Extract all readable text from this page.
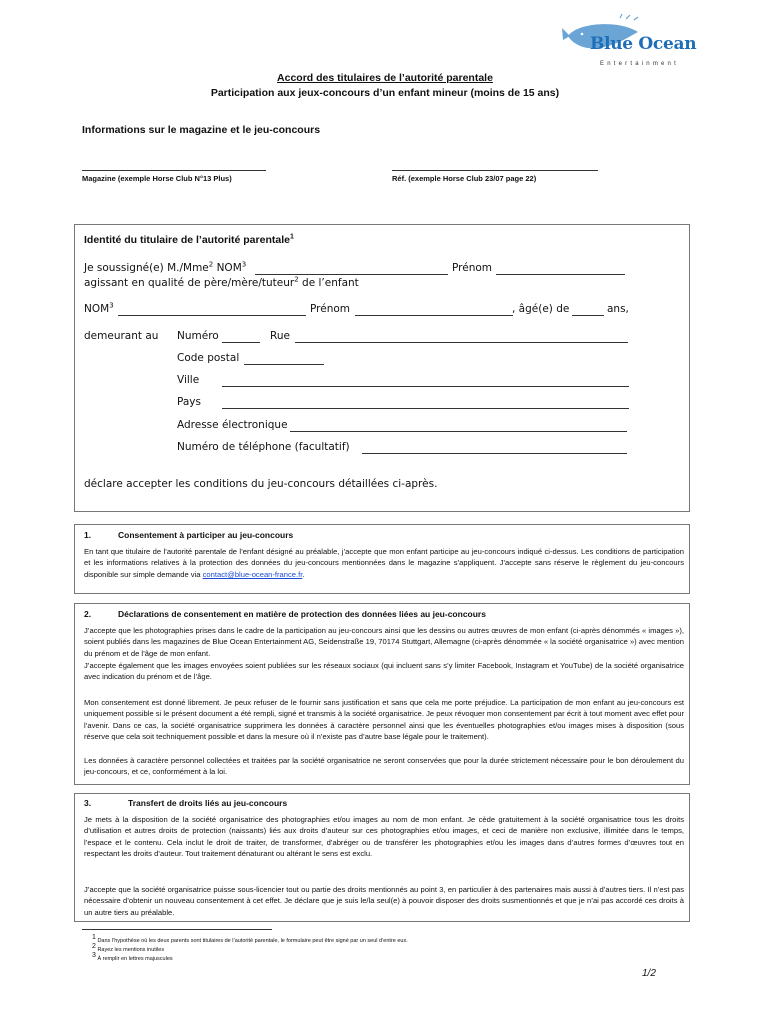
Blue Ocean
Entertainment
Accord des titulaires de l’autorité parentale
Participation aux jeux-concours d’un enfant mineur (moins de 15 ans)
Informations sur le magazine et le jeu-concours
Magazine (exemple Horse Club N°13 Plus)	Réf. (exemple Horse Club 23/07 page 22)
Identité du titulaire de l’autorité parentale$^1$
Je soussigné(e) M./Mme$^2$ NOM$^3$	Prénom
agissant en qualité de père/mère/tuteur$^2$ de l’enfant
NOM$^3$	Prénom	, âgé(e) de	ans,
demeurant au Numéro	Rue
Code postal
Ville
Pays
Adresse électronique
Numéro de téléphone (facultatif)
déclare accepter les conditions du jeu-concours détaillées ci-après.
1.	Consentement à participer au jeu-concours
En tant que titulaire de l’autorité parentale de l’enfant désigné au préalable, j’accepte que mon enfant participe au jeu-concours indiqué ci-dessus. Les conditions de participation et les informations relatives à la protection des données du jeu-concours mentionnées dans le magazine s’appliquent. J’accepte sans réserve le règlement du jeu-concours disponible sur simple demande via contact@blue-ocean-france.fr.
2.	Déclarations de consentement en matière de protection des données liées au jeu-concours
J’accepte que les photographies prises dans le cadre de la participation au jeu-concours ainsi que les dessins ou autres œuvres de mon enfant (ci-après dénommés « images »), soient publiés dans les magazines de Blue Ocean Entertainment AG, Seidenstraße 19, 70174 Stuttgart, Allemagne (ci-après dénommée « la société organisatrice ») avec mention du prénom et de l’âge de mon enfant.
J’accepte également que les images envoyées soient publiées sur les réseaux sociaux (qui incluent sans s’y limiter Facebook, Instagram et YouTube) de la société organisatrice avec indication du prénom et de l’âge.
Mon consentement est donné librement. Je peux refuser de le fournir sans justification et sans que cela me porte préjudice. La participation de mon enfant au jeu-concours est uniquement possible si le présent document a été rempli, signé et transmis à la société organisatrice. Je peux révoquer mon consentement par écrit à tout moment avec effet pour l’avenir. Dans ce cas, la société organisatrice supprimera les données à caractère personnel ainsi que les éventuelles photographies et/ou images mises à disposition (sous réserve que cela soit techniquement possible et dans la mesure où il n’existe pas d’autre base légale pour le traitement).
Les données à caractère personnel collectées et traitées par la société organisatrice ne seront conservées que pour la durée strictement nécessaire pour le bon déroulement du jeu-concours, et ce, conformément à la loi.
3.	Transfert de droits liés au jeu-concours
Je mets à la disposition de la société organisatrice des photographies et/ou images au nom de mon enfant. Je cède gratuitement à la société organisatrice tous les droits d’utilisation et autres droits de protection (naissants) liés aux droits d’auteur sur ces photographies et/ou images, et ceci de manière non exclusive, illimitée dans le temps, l’espace et le contenu. Cela inclut le droit de traiter, de transformer, d’abréger ou de transférer les photographies et/ou les images dans d’autres formes d’œuvres tout en respectant les droits d’auteur. Tout traitement dénaturant ou altérant le sens est exclu.
J’accepte que la société organisatrice puisse sous-licencier tout ou partie des droits mentionnés au point 3, en particulier à des partenaires mais aussi à d’autres tiers. Il n’est pas nécessaire d’obtenir un nouveau consentement à cet effet. Je déclare que je suis le/la seul(e) à pouvoir disposer des droits susmentionnés et que je n’ai pas accordé ces droits à un autre tiers au préalable.
$^1$ Dans l’hypothèse où les deux parents sont titulaires de l’autorité parentale, le formulaire peut être signé par un seul d’entre eux.
$^2$ Rayez les mentions inutiles
$^3$ À remplir en lettres majuscules
1/2
